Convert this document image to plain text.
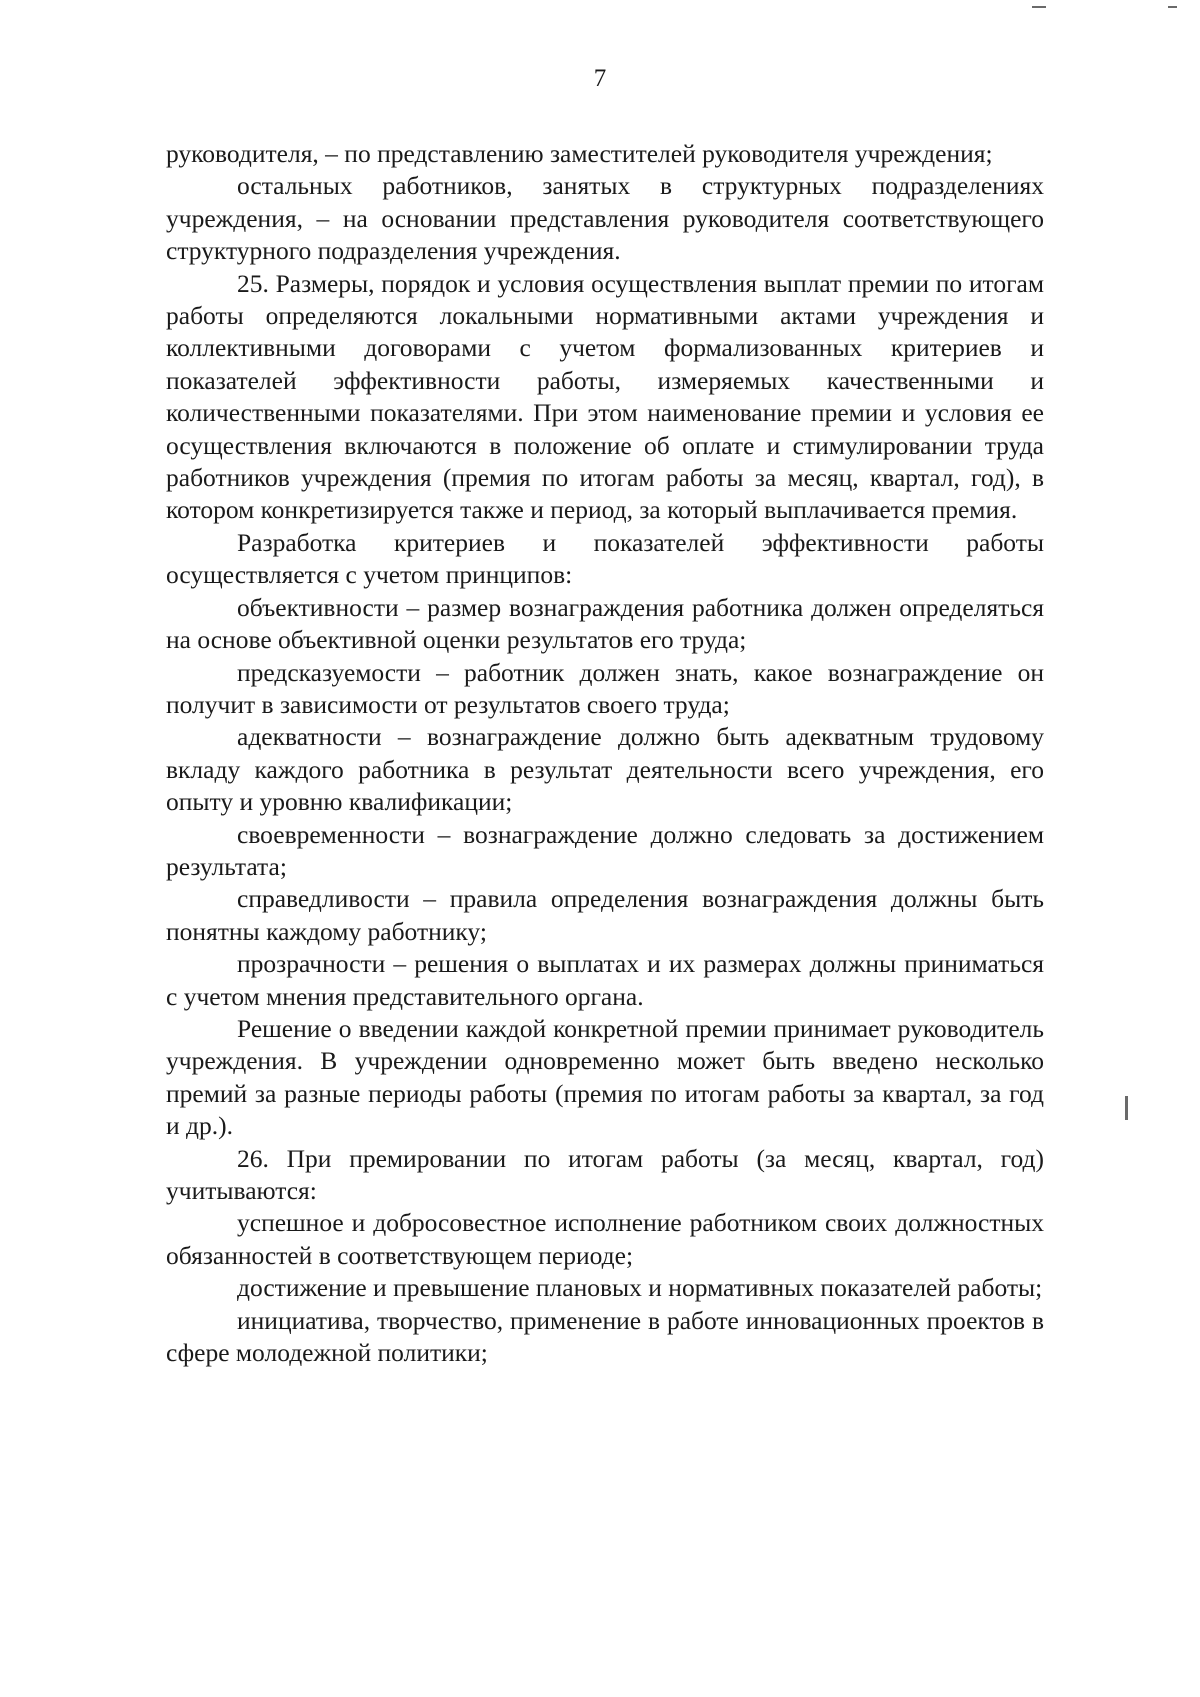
7

руководителя, – по представлению заместителей руководителя учреждения;

остальных работников, занятых в структурных подразделениях учреждения, – на основании представления руководителя соответствующего структурного подразделения учреждения.

25. Размеры, порядок и условия осуществления выплат премии по итогам работы определяются локальными нормативными актами учреждения и коллективными договорами с учетом формализованных критериев и показателей эффективности работы, измеряемых качественными и количественными показателями. При этом наименование премии и условия ее осуществления включаются в положение об оплате и стимулировании труда работников учреждения (премия по итогам работы за месяц, квартал, год), в котором конкретизируется также и период, за который выплачивается премия.

Разработка критериев и показателей эффективности работы осуществляется с учетом принципов:

объективности – размер вознаграждения работника должен определяться на основе объективной оценки результатов его труда;

предсказуемости – работник должен знать, какое вознаграждение он получит в зависимости от результатов своего труда;

адекватности – вознаграждение должно быть адекватным трудовому вкладу каждого работника в результат деятельности всего учреждения, его опыту и уровню квалификации;

своевременности – вознаграждение должно следовать за достижением результата;

справедливости – правила определения вознаграждения должны быть понятны каждому работнику;

прозрачности – решения о выплатах и их размерах должны приниматься с учетом мнения представительного органа.

Решение о введении каждой конкретной премии принимает руководитель учреждения. В учреждении одновременно может быть введено несколько премий за разные периоды работы (премия по итогам работы за квартал, за год и др.).

26. При премировании по итогам работы (за месяц, квартал, год) учитываются:

успешное и добросовестное исполнение работником своих должностных обязанностей в соответствующем периоде;

достижение и превышение плановых и нормативных показателей работы;

инициатива, творчество, применение в работе инновационных проектов в сфере молодежной политики;
